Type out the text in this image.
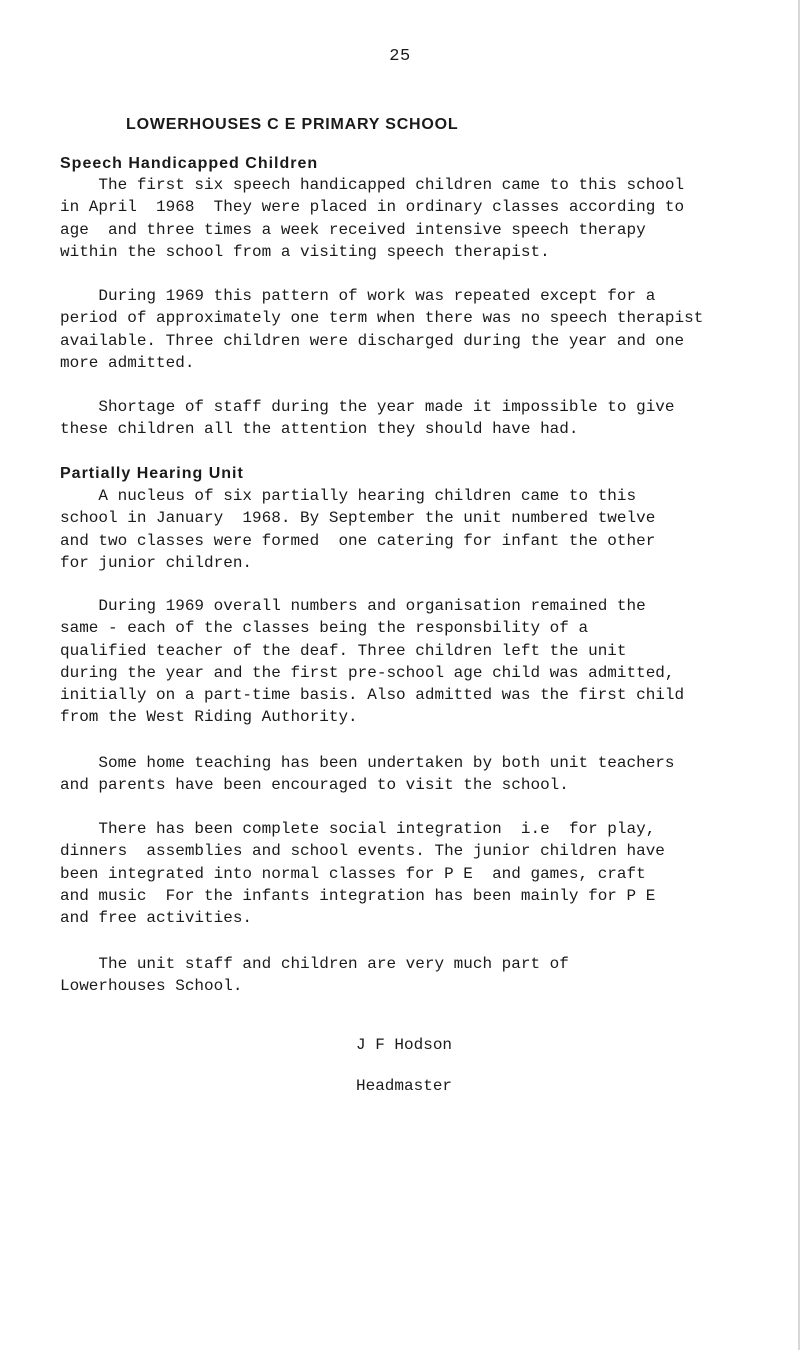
25
LOWERHOUSES C E PRIMARY SCHOOL
Speech Handicapped Children

The first six speech handicapped children came to this school
in April  1968  They were placed in ordinary classes according to
age  and three times a week received intensive speech therapy
within the school from a visiting speech therapist.

During 1969 this pattern of work was repeated except for a
period of approximately one term when there was no speech therapist
available. Three children were discharged during the year and one
more admitted.

Shortage of staff during the year made it impossible to give
these children all the attention they should have had.

Partially Hearing Unit

A nucleus of six partially hearing children came to this
school in January  1968. By September the unit numbered twelve
and two classes were formed  one catering for infant the other
for junior children.

During 1969 overall numbers and organisation remained the
same - each of the classes being the responsbility of a
qualified teacher of the deaf. Three children left the unit
during the year and the first pre-school age child was admitted,
initially on a part-time basis. Also admitted was the first child
from the West Riding Authority.

Some home teaching has been undertaken by both unit teachers
and parents have been encouraged to visit the school.

There has been complete social integration  i.e  for play,
dinners  assemblies and school events. The junior children have
been integrated into normal classes for P E  and games, craft
and music  For the infants integration has been mainly for P E
and free activities.

The unit staff and children are very much part of
Lowerhouses School.

J F Hodson

Headmaster
